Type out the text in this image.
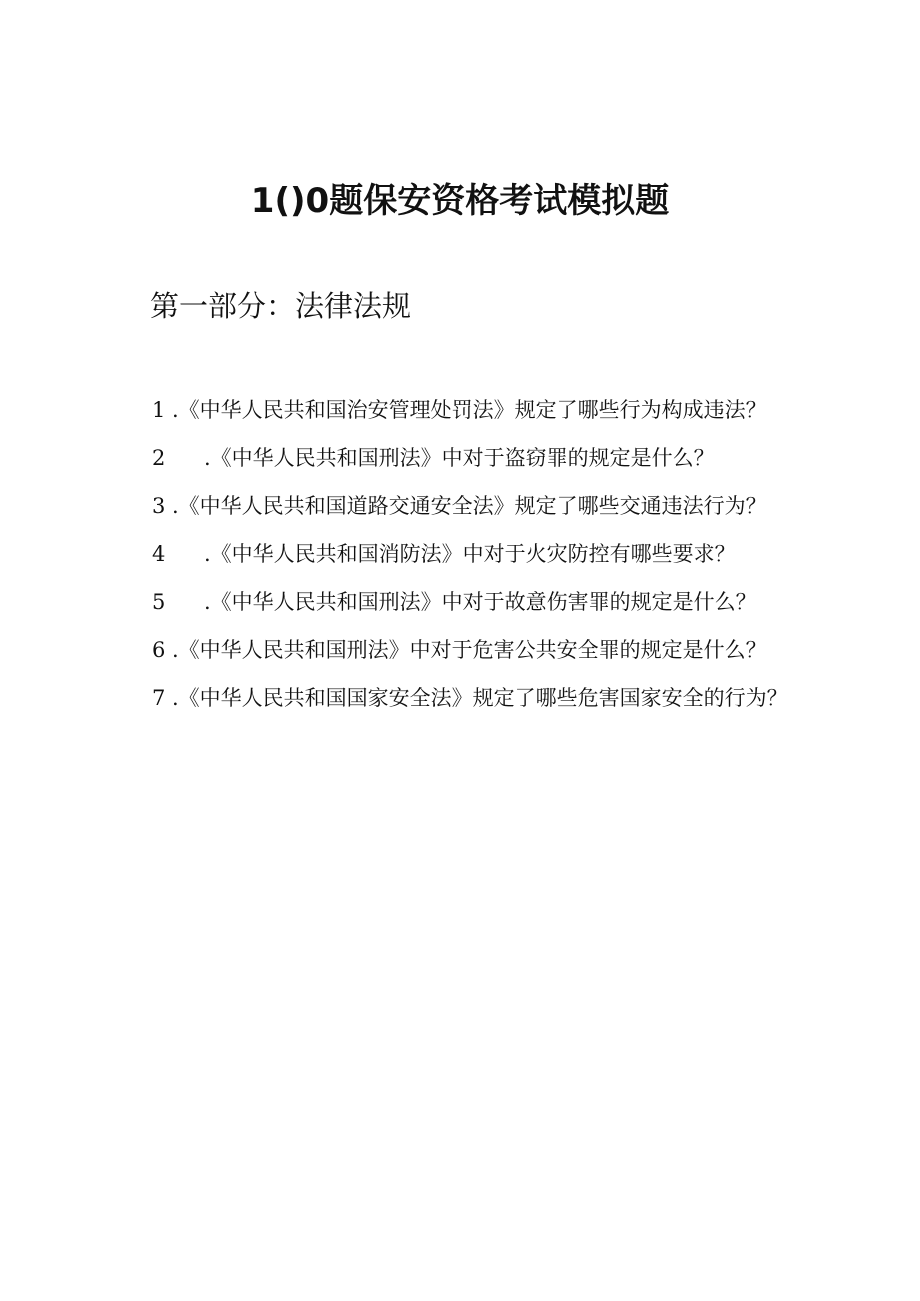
1()0题保安资格考试模拟题
第一部分：法律法规
1 .《中华人民共和国治安管理处罚法》规定了哪些行为构成违法？
2 .《中华人民共和国刑法》中对于盗窃罪的规定是什么？
3 .《中华人民共和国道路交通安全法》规定了哪些交通违法行为？
4 .《中华人民共和国消防法》中对于火灾防控有哪些要求？
5 .《中华人民共和国刑法》中对于故意伤害罪的规定是什么？
6 .《中华人民共和国刑法》中对于危害公共安全罪的规定是什么？
7 .《中华人民共和国国家安全法》规定了哪些危害国家安全的行为？
